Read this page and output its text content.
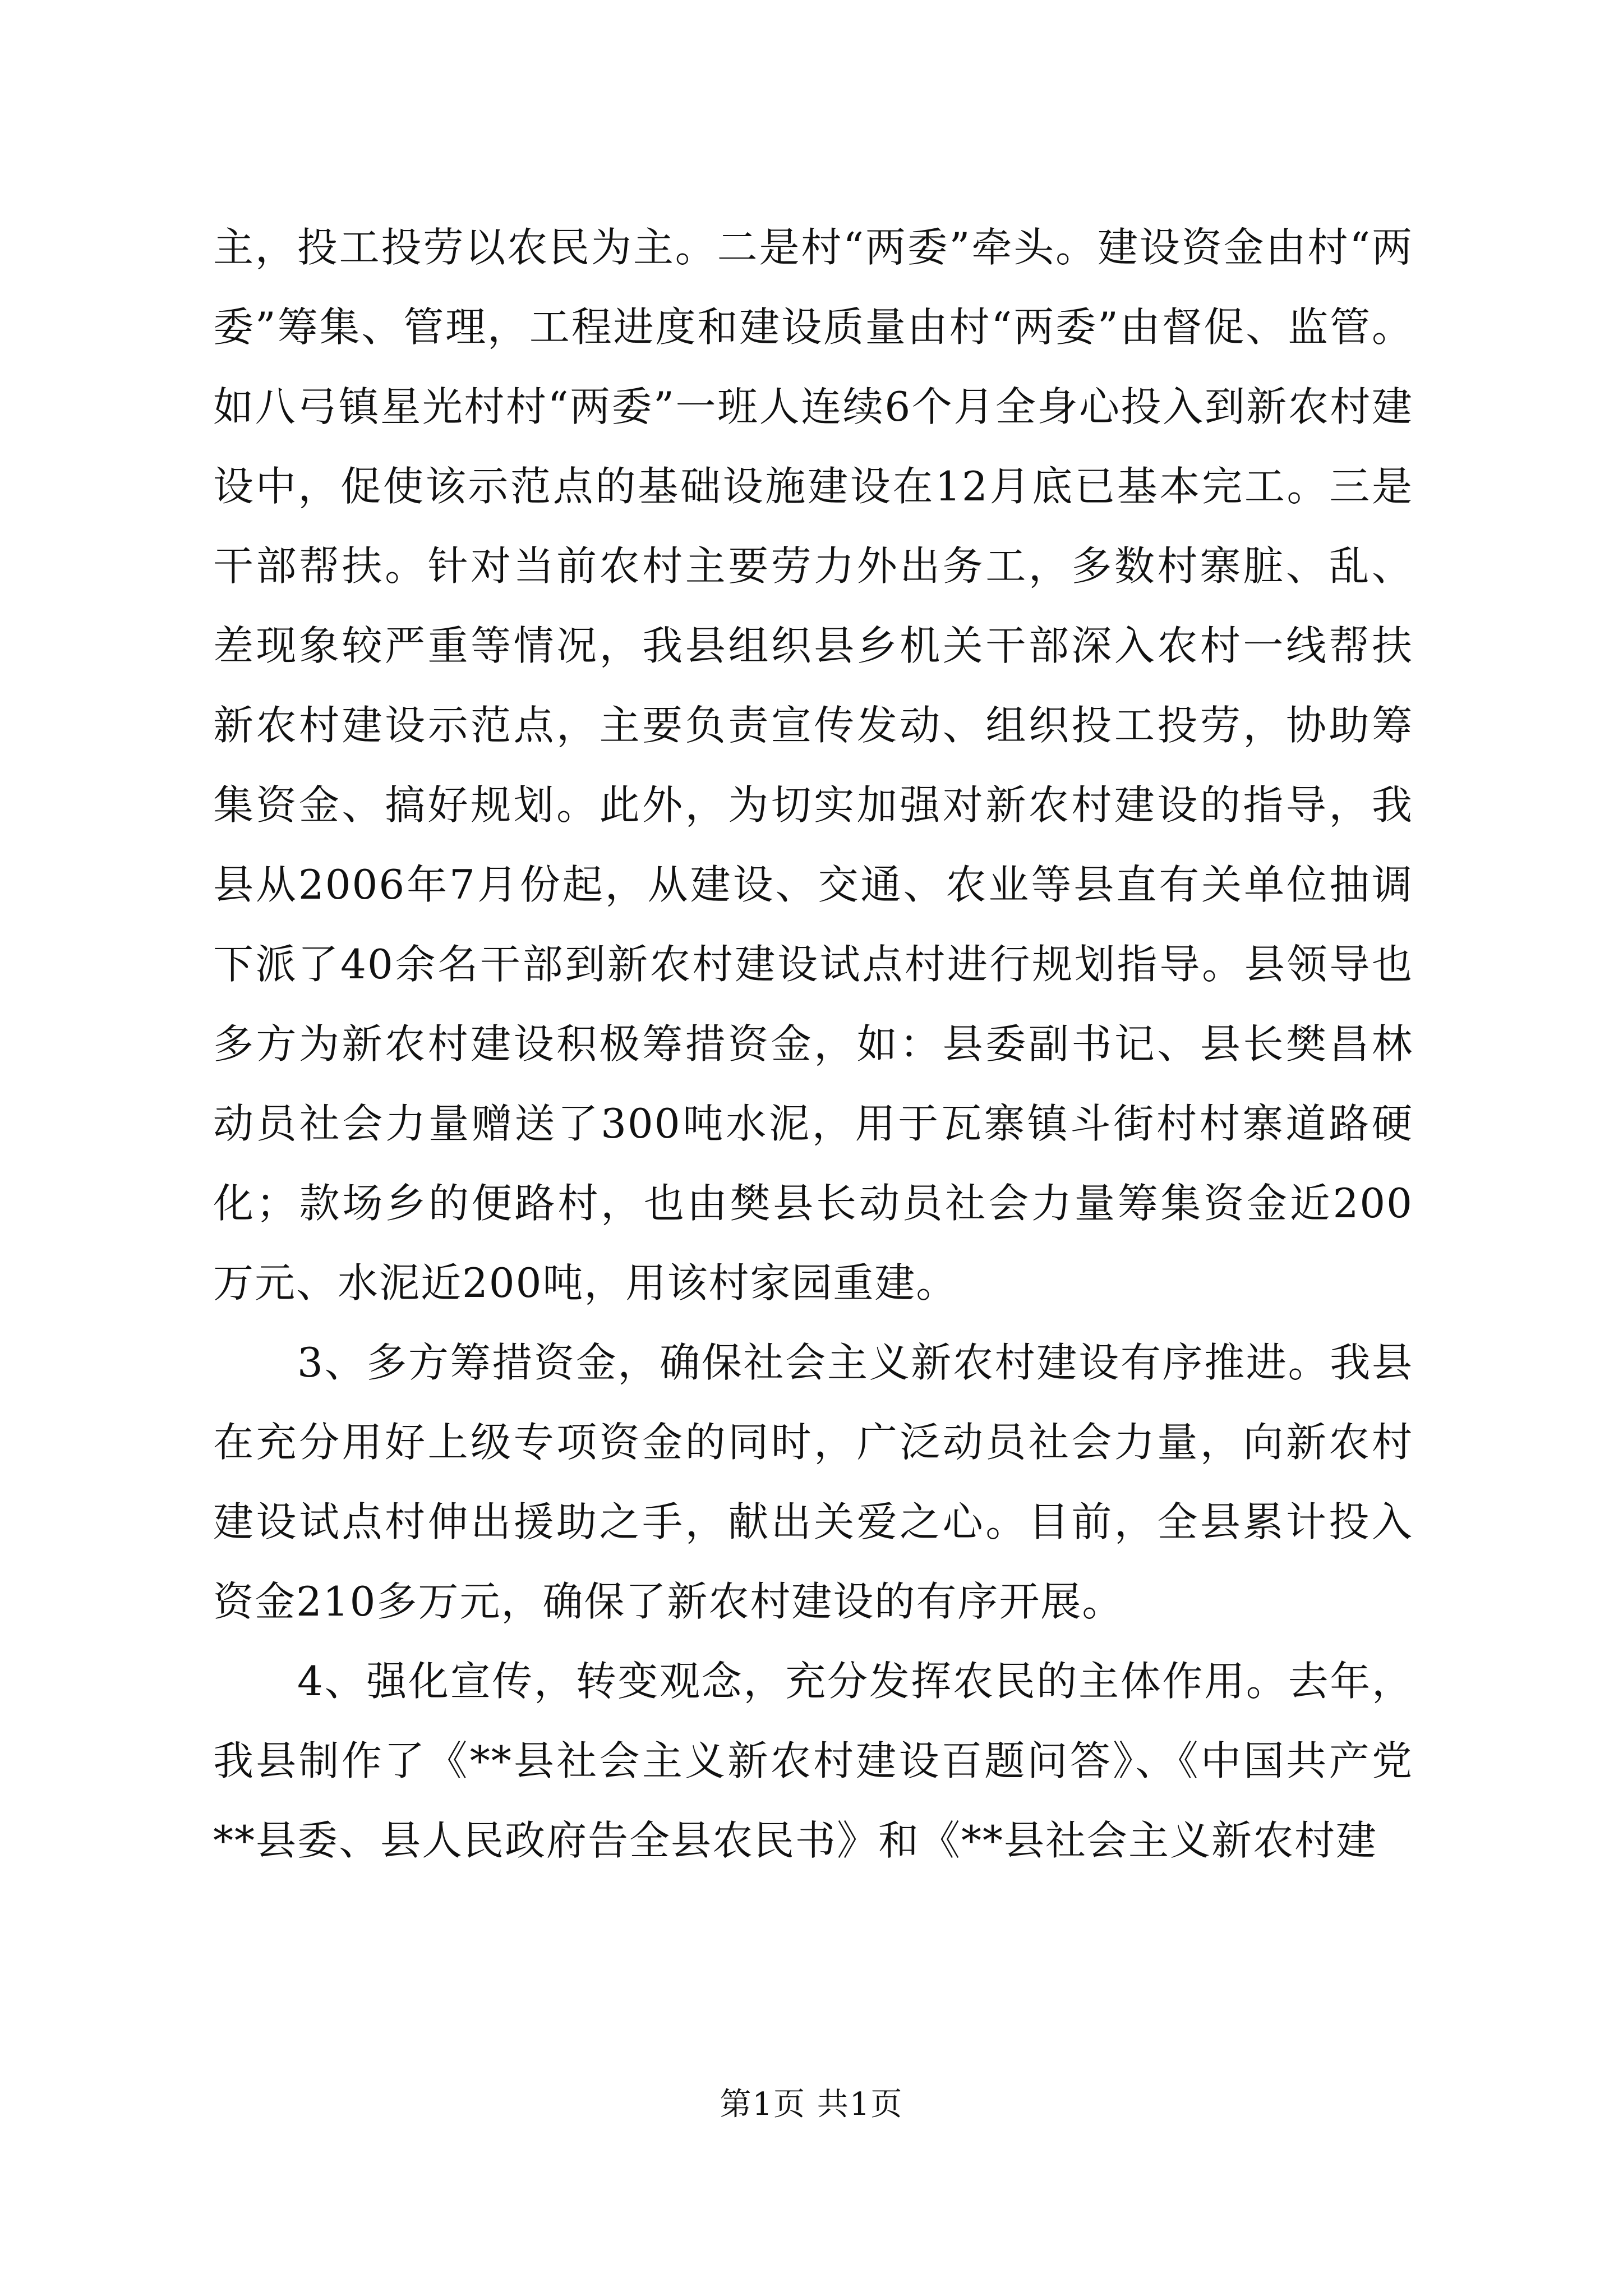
主，投工投劳以农民为主。二是村“两委”牵头。建设资金由村“两委”筹集、管理，工程进度和建设质量由村“两委”由督促、监管。如八弓镇星光村村“两委”一班人连续6个月全身心投入到新农村建设中，促使该示范点的基础设施建设在12月底已基本完工。三是干部帮扶。针对当前农村主要劳力外出务工，多数村寨脏、乱、差现象较严重等情况，我县组织县乡机关干部深入农村一线帮扶新农村建设示范点，主要负责宣传发动、组织投工投劳，协助筹集资金、搞好规划。此外，为切实加强对新农村建设的指导，我县从2006年7月份起，从建设、交通、农业等县直有关单位抽调下派了40余名干部到新农村建设试点村进行规划指导。县领导也多方为新农村建设积极筹措资金，如：县委副书记、县长樊昌林动员社会力量赠送了300吨水泥，用于瓦寨镇斗街村村寨道路硬化；款场乡的便路村，也由樊县长动员社会力量筹集资金近200万元、水泥近200吨，用该村家园重建。

3、多方筹措资金，确保社会主义新农村建设有序推进。我县在充分用好上级专项资金的同时，广泛动员社会力量，向新农村建设试点村伸出援助之手，献出关爱之心。目前，全县累计投入资金210多万元，确保了新农村建设的有序开展。

4、强化宣传，转变观念，充分发挥农民的主体作用。去年，我县制作了《**县社会主义新农村建设百题问答》、《中国共产党**县委、县人民政府告全县农民书》和《**县社会主义新农村建

第1页 共1页
